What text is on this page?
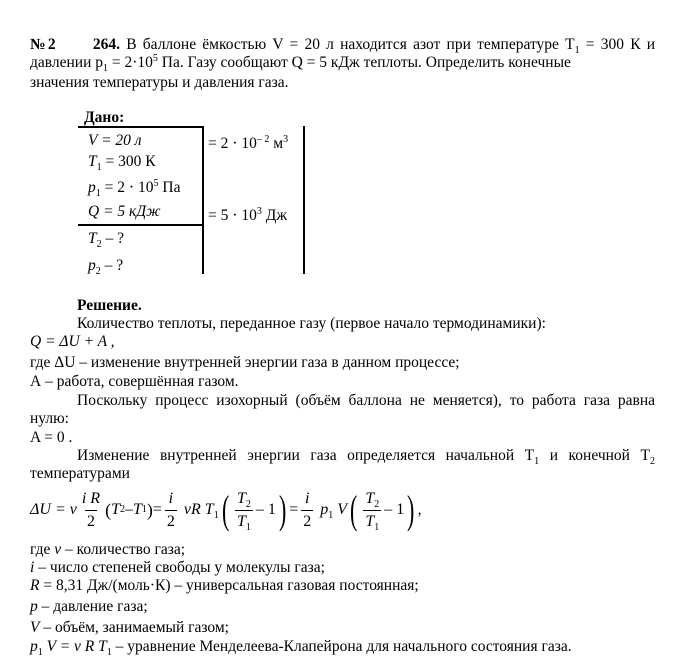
№2 264. В баллоне ёмкостью V = 20 л находится азот при температуре $T_1 = 300$ К и давлении $p_1 = 2\cdot 10^5$ Па. Газу сообщают Q = 5 кДж теплоты. Определить конечные
значения температуры и давления газа.
Дано:
V = 20 л
$T_1 = 300$ К
$p_1 = 2 \cdot 10^5$ Па
Q = 5 кДж
$T_2$ – ?
$p_2$ – ?
= $2 \cdot 10^{- 2}$ $м^3$
= $5 \cdot 10^3$ Дж
Решение.
Количество теплоты, переданное газу (первое начало термодинамики):
Q = ΔU + A ,
где ΔU – изменение внутренней энергии газа в данном процессе;
А – работа, совершённая газом.
Поскольку процесс изохорный (объём баллона не меняется), то работа газа равна нулю:
A = 0 .
Изменение внутренней энергии газа определяется начальной $T_1$ и конечной $T_2$ температурами
ΔU = ν $\frac{\text{i R}}{2}$ ( T 2 – T 1 ) = $\frac{i}{2}$ νR $T_1$ ( $\frac{T_2}{T_1} - 1$ ) = $\frac{i}{2} p_1$ V ( $\frac{T_2}{T_1} - 1$ ) ,
где ν – количество газа;
i – число степеней свободы у молекулы газа;
R = 8,31 Дж/(моль·К) – универсальная газовая постоянная;
p – давление газа;
V – объём, занимаемый газом;
$p_1$ V = ν R $T_1$ – уравнение Менделеева-Клапейрона для начального состояния газа.
